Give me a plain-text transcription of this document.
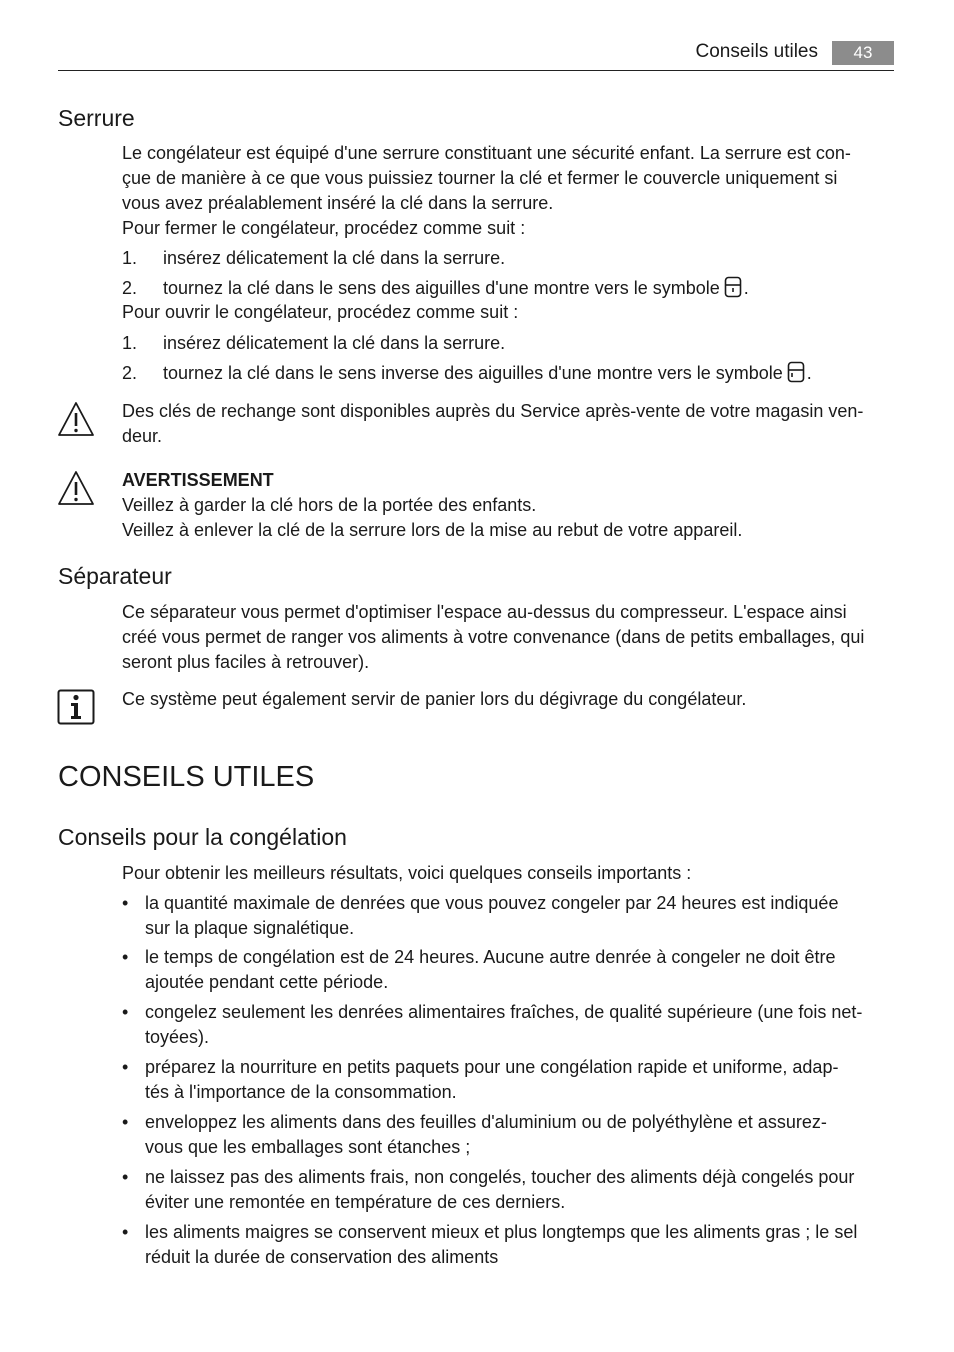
Conseils utiles	43
Serrure
Le congélateur est équipé d'une serrure constituant une sécurité enfant. La serrure est con-
çue de manière à ce que vous puissiez tourner la clé et fermer le couvercle uniquement si
vous avez préalablement inséré la clé dans la serrure.
Pour fermer le congélateur, procédez comme suit :
1. insérez délicatement la clé dans la serrure.
2. tournez la clé dans le sens des aiguilles d'une montre vers le symbole .
Pour ouvrir le congélateur, procédez comme suit :
1. insérez délicatement la clé dans la serrure.
2. tournez la clé dans le sens inverse des aiguilles d'une montre vers le symbole .
Des clés de rechange sont disponibles auprès du Service après-vente de votre magasin ven-
deur.
AVERTISSEMENT
Veillez à garder la clé hors de la portée des enfants.
Veillez à enlever la clé de la serrure lors de la mise au rebut de votre appareil.
Séparateur
Ce séparateur vous permet d'optimiser l'espace au-dessus du compresseur. L'espace ainsi
créé vous permet de ranger vos aliments à votre convenance (dans de petits emballages, qui
seront plus faciles à retrouver).
Ce système peut également servir de panier lors du dégivrage du congélateur.
CONSEILS UTILES
Conseils pour la congélation
Pour obtenir les meilleurs résultats, voici quelques conseils importants :
• la quantité maximale de denrées que vous pouvez congeler par 24 heures est indiquée
sur la plaque signalétique.
• le temps de congélation est de 24 heures. Aucune autre denrée à congeler ne doit être
ajoutée pendant cette période.
• congelez seulement les denrées alimentaires fraîches, de qualité supérieure (une fois net-
toyées).
• préparez la nourriture en petits paquets pour une congélation rapide et uniforme, adap-
tés à l'importance de la consommation.
• enveloppez les aliments dans des feuilles d'aluminium ou de polyéthylène et assurez-
vous que les emballages sont étanches ;
• ne laissez pas des aliments frais, non congelés, toucher des aliments déjà congelés pour
éviter une remontée en température de ces derniers.
• les aliments maigres se conservent mieux et plus longtemps que les aliments gras ; le sel
réduit la durée de conservation des aliments
